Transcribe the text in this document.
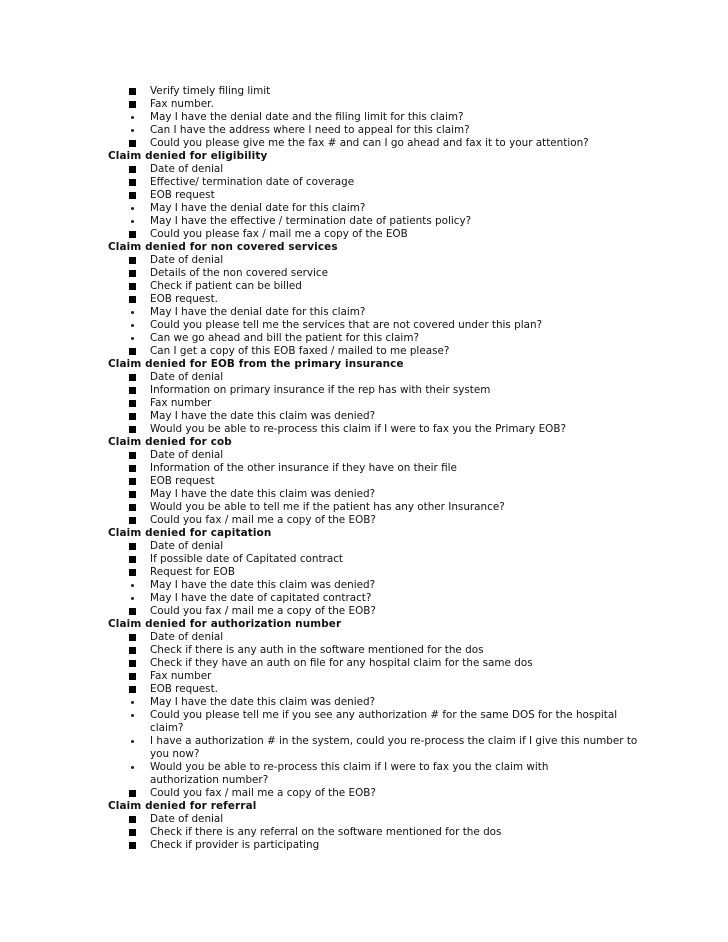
Verify timely filing limit
Fax number.
May I have the denial date and the filing limit for this claim?
Can I have the address where I need to appeal for this claim?
Could you please give me the fax # and can I go ahead and fax it to your attention?
Claim denied for eligibility
Date of denial
Effective/ termination date of coverage
EOB request
May I have the denial date for this claim?
May I have the effective / termination date of patients policy?
Could you please fax / mail me a copy of the EOB
Claim denied for non covered services
Date of denial
Details of the non covered service
Check if patient can be billed
EOB request.
May I have the denial date for this claim?
Could you please tell me the services that are not covered under this plan?
Can we go ahead and bill the patient for this claim?
Can I get a copy of this EOB faxed / mailed to me please?
Claim denied for EOB from the primary insurance
Date of denial
Information on primary insurance if the rep has with their system
Fax number
May I have the date this claim was denied?
Would you be able to re-process this claim if I were to fax you the Primary EOB?
Claim denied for cob
Date of denial
Information of the other insurance if they have on their file
EOB request
May I have the date this claim was denied?
Would you be able to tell me if the patient has any other Insurance?
Could you fax / mail me a copy of the EOB?
Claim denied for capitation
Date of denial
If possible date of Capitated contract
Request for EOB
May I have the date this claim was denied?
May I have the date of capitated contract?
Could you fax / mail me a copy of the EOB?
Claim denied for authorization number
Date of denial
Check if there is any auth in the software mentioned for the dos
Check if they have an auth on file for any hospital claim for the same dos
Fax number
EOB request.
May I have the date this claim was denied?
Could you please tell me if you see any authorization # for the same DOS for the hospital claim?
I have a authorization # in the system, could you re-process the claim if I give this number to you now?
Would you be able to re-process this claim if I were to fax you the claim with authorization number?
Could you fax / mail me a copy of the EOB?
Claim denied for referral
Date of denial
Check if there is any referral on the software mentioned for the dos
Check if provider is participating
